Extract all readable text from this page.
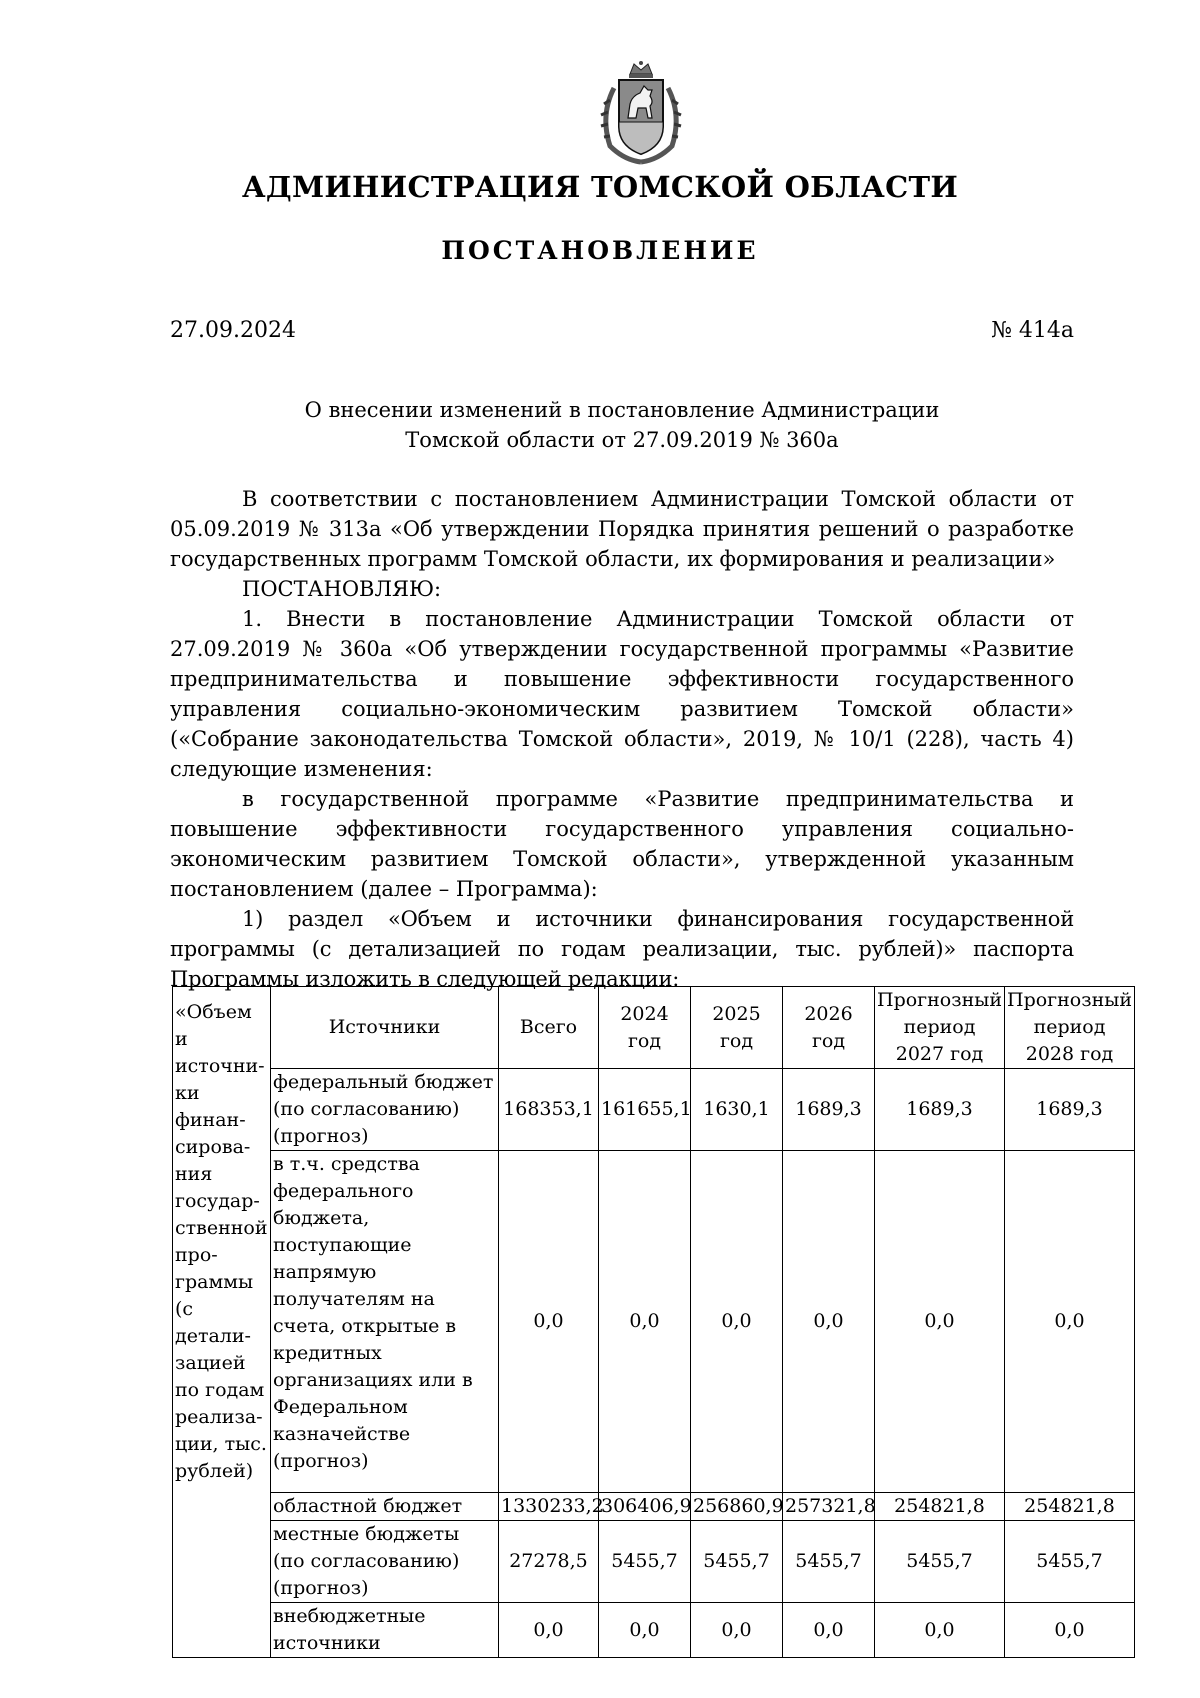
АДМИНИСТРАЦИЯ ТОМСКОЙ ОБЛАСТИ
ПОСТАНОВЛЕНИЕ
27.09.2024	№ 414а
О внесении изменений в постановление Администрации
Томской области от 27.09.2019 № 360а

В соответствии с постановлением Администрации Томской области от 05.09.2019 № 313а «Об утверждении Порядка принятия решений о разработке государственных программ Томской области, их формирования и реализации»

ПОСТАНОВЛЯЮ:

1. Внести в постановление Администрации Томской области от 27.09.2019 № 360а «Об утверждении государственной программы «Развитие предпринимательства и повышение эффективности государственного управления социально-экономическим развитием Томской области» («Собрание законодательства Томской области», 2019, № 10/1 (228), часть 4) следующие изменения:

в государственной программе «Развитие предпринимательства и повышение эффективности государственного управления социально-экономическим развитием Томской области», утвержденной указанным постановлением (далее – Программа):

1) раздел «Объем и источники финансирования государственной программы (с детализацией по годам реализации, тыс. рублей)» паспорта Программы изложить в следующей редакции:

«Объем и источни-ки финан-сирова-ния государ-ственной про-граммы (с детали-зацией по годам реализа-ции, тыс. рублей)	Источники	Всего	2024 год	2025 год	2026 год	Прогнозный период 2027 год	Прогнозный период 2028 год
	федеральный бюджет (по согласованию) (прогноз)	168353,1	161655,1	1630,1	1689,3	1689,3	1689,3
	в т.ч. средства федерального бюджета, поступающие напрямую получателям на счета, открытые в кредитных организациях или в Федеральном казначействе (прогноз)	0,0	0,0	0,0	0,0	0,0	0,0
	областной бюджет	1330233,2	306406,9	256860,9	257321,8	254821,8	254821,8
	местные бюджеты (по согласованию) (прогноз)	27278,5	5455,7	5455,7	5455,7	5455,7	5455,7
	внебюджетные источники	0,0	0,0	0,0	0,0	0,0	0,0
